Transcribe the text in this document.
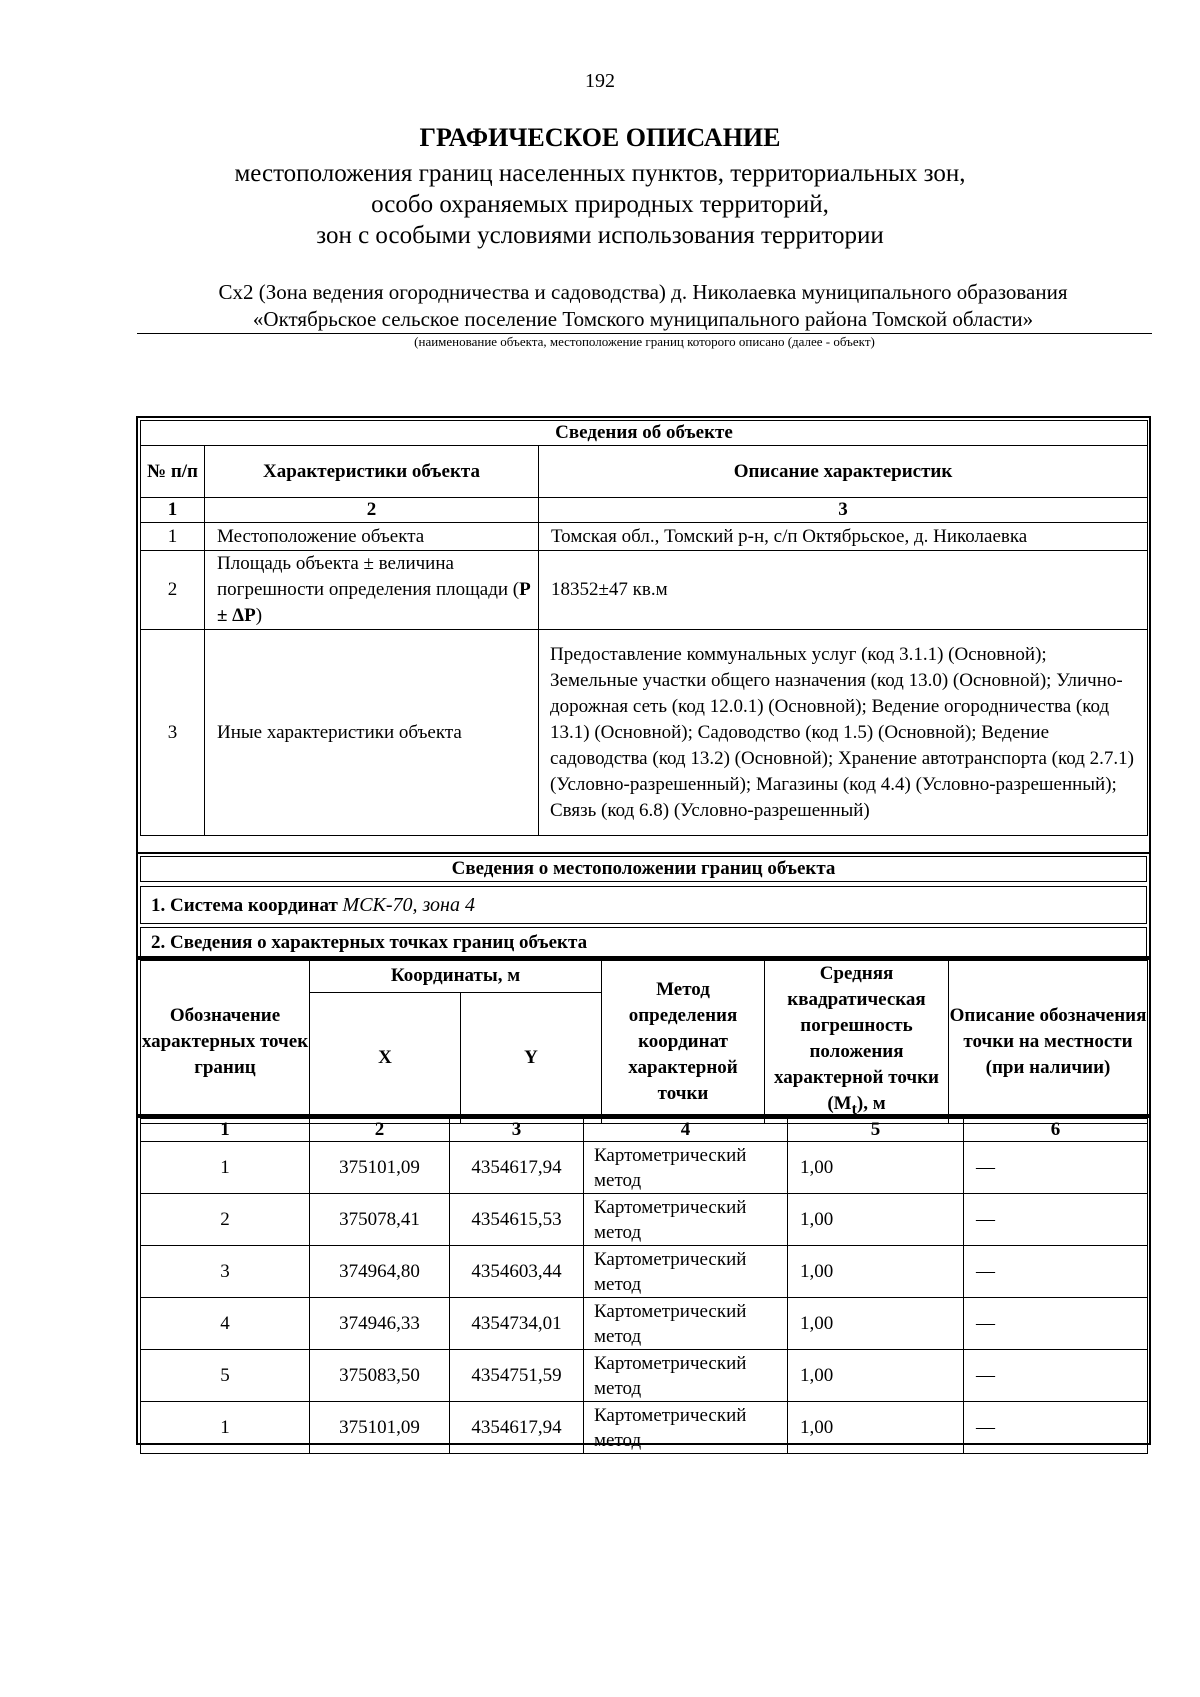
192
ГРАФИЧЕСКОЕ ОПИСАНИЕ
местоположения границ населенных пунктов, территориальных зон,
особо охраняемых природных территорий,
зон с особыми условиями использования территории
Сх2 (Зона ведения огородничества и садоводства) д. Николаевка муниципального образования
«Октябрьское сельское поселение Томского муниципального района Томской области»
(наименование объекта, местоположение границ которого описано (далее - объект)
Сведения об объекте		
№ п/п	Характеристики объекта	Описание характеристик
1	2	3
1	Местоположение объекта	Томская обл., Томский р-н, с/п Октябрьское, д. Николаевка
2	Площадь объекта ± величина погрешности определения площади (P ± ΔP)	18352±47 кв.м
3	Иные характеристики объекта	Предоставление коммунальных услуг (код 3.1.1) (Основной); Земельные участки общего назначения (код 13.0) (Основной); Улично-дорожная сеть (код 12.0.1) (Основной); Ведение огородничества (код 13.1) (Основной); Садоводство (код 1.5) (Основной); Ведение садоводства (код 13.2) (Основной); Хранение автотранспорта (код 2.7.1) (Условно-разрешенный); Магазины (код 4.4) (Условно-разрешенный); Связь (код 6.8) (Условно-разрешенный)
Сведения о местоположении границ объекта
1. Система координат МСК-70, зона 4
2. Сведения о характерных точках границ объекта
Обозначение характерных точек границ	Координаты, м		Метод определения координат характерной точки	Средняя квадратическая погрешность положения характерной точки $(M_t)$, м	Описание обозначения точки на местности (при наличии)
	X	Y			
1	2	3	4	5	6
1	375101,09	4354617,94	Картометрический метод	1,00	—
2	375078,41	4354615,53	Картометрический метод	1,00	—
3	374964,80	4354603,44	Картометрический метод	1,00	—
4	374946,33	4354734,01	Картометрический метод	1,00	—
5	375083,50	4354751,59	Картометрический метод	1,00	—
1	375101,09	4354617,94	Картометрический метод	1,00	—
